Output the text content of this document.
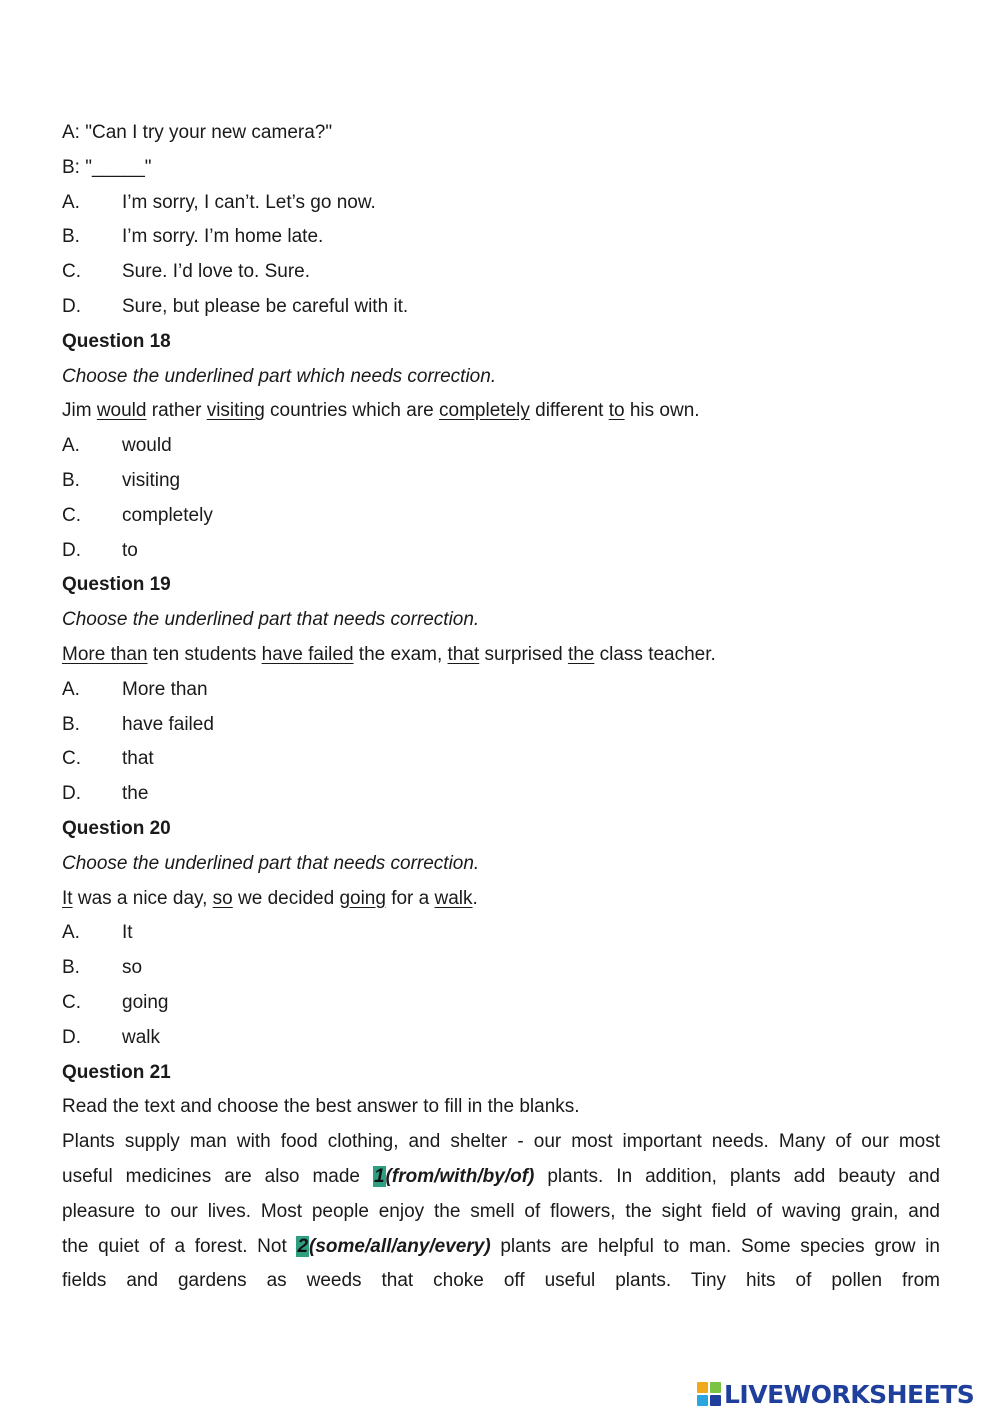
A: "Can I try your new camera?"
B: "_____"
A. I’m sorry, I can’t. Let’s go now.
B. I’m sorry. I’m home late.
C. Sure. I’d love to. Sure.
D. Sure, but please be careful with it.
Question 18
Choose the underlined part which needs correction.
Jim would rather visiting countries which are completely different to his own.
A. would
B. visiting
C. completely
D. to
Question 19
Choose the underlined part that needs correction.
More than ten students have failed the exam, that surprised the class teacher.
A. More than
B. have failed
C. that
D. the
Question 20
Choose the underlined part that needs correction.
It was a nice day, so we decided going for a walk.
A. It
B. so
C. going
D. walk
Question 21
Read the text and choose the best answer to fill in the blanks.
Plants supply man with food clothing, and shelter - our most important needs. Many of our most
useful medicines are also made 1(from/with/by/of) plants. In addition, plants add beauty and
pleasure to our lives. Most people enjoy the smell of flowers, the sight field of waving grain, and
the quiet of a forest. Not 2(some/all/any/every) plants are helpful to man. Some species grow in
fields and gardens as weeds that choke off useful plants. Tiny hits of pollen from
LIVEWORKSHEETS
